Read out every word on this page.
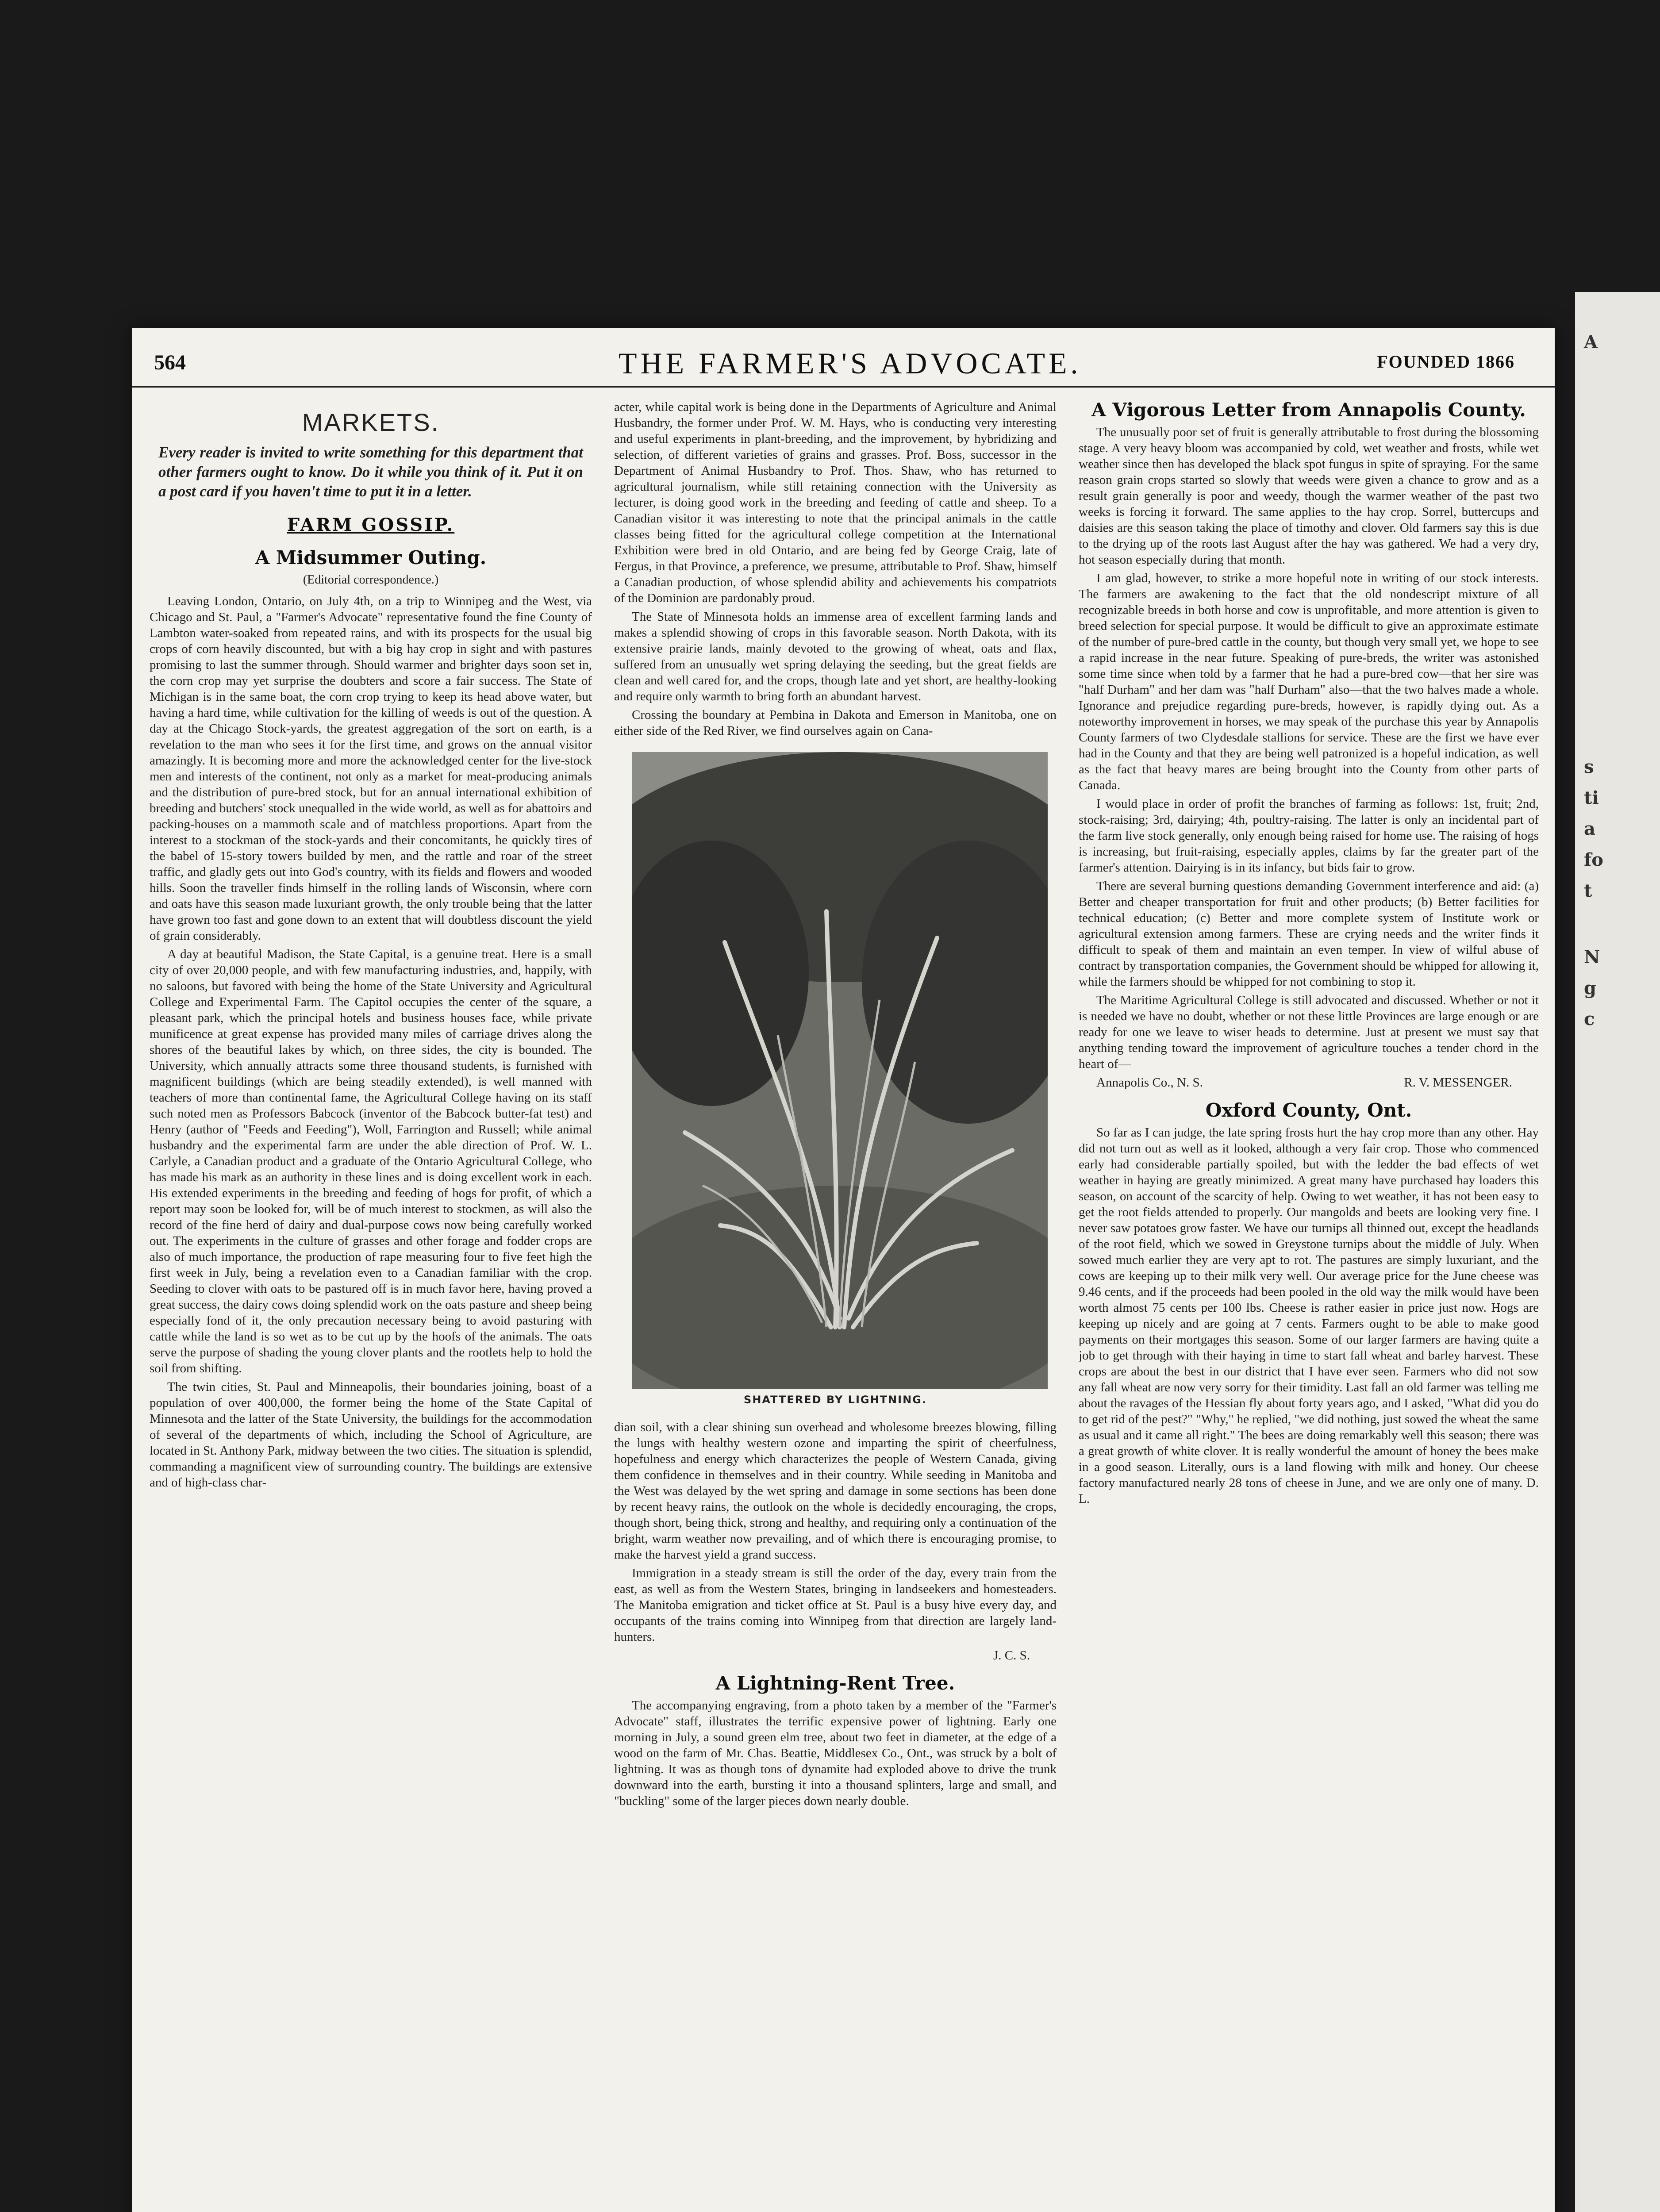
A
s
ti
a
fo
t
N
g
c
564	THE FARMER'S ADVOCATE.	FOUNDED 1866
MARKETS.
Every reader is invited to write something for this department that other farmers ought to know. Do it while you think of it. Put it on a post card if you haven't time to put it in a letter.
FARM GOSSIP.
A Midsummer Outing.
(Editorial correspondence.)

Leaving London, Ontario, on July 4th, on a trip to Winnipeg and the West, via Chicago and St. Paul, a "Farmer's Advocate" representative found the fine County of Lambton water-soaked from repeated rains, and with its prospects for the usual big crops of corn heavily discounted, but with a big hay crop in sight and with pastures promising to last the summer through. Should warmer and brighter days soon set in, the corn crop may yet surprise the doubters and score a fair success. The State of Michigan is in the same boat, the corn crop trying to keep its head above water, but having a hard time, while cultivation for the killing of weeds is out of the question. A day at the Chicago Stock-yards, the greatest aggregation of the sort on earth, is a revelation to the man who sees it for the first time, and grows on the annual visitor amazingly. It is becoming more and more the acknowledged center for the live-stock men and interests of the continent, not only as a market for meat-producing animals and the distribution of pure-bred stock, but for an annual international exhibition of breeding and butchers' stock unequalled in the wide world, as well as for abattoirs and packing-houses on a mammoth scale and of matchless proportions. Apart from the interest to a stockman of the stock-yards and their concomitants, he quickly tires of the babel of 15-story towers builded by men, and the rattle and roar of the street traffic, and gladly gets out into God's country, with its fields and flowers and wooded hills. Soon the traveller finds himself in the rolling lands of Wisconsin, where corn and oats have this season made luxuriant growth, the only trouble being that the latter have grown too fast and gone down to an extent that will doubtless discount the yield of grain considerably.

A day at beautiful Madison, the State Capital, is a genuine treat. Here is a small city of over 20,000 people, and with few manufacturing industries, and, happily, with no saloons, but favored with being the home of the State University and Agricultural College and Experimental Farm. The Capitol occupies the center of the square, a pleasant park, which the principal hotels and business houses face, while private munificence at great expense has provided many miles of carriage drives along the shores of the beautiful lakes by which, on three sides, the city is bounded. The University, which annually attracts some three thousand students, is furnished with magnificent buildings (which are being steadily extended), is well manned with teachers of more than continental fame, the Agricultural College having on its staff such noted men as Professors Babcock (inventor of the Babcock butter-fat test) and Henry (author of "Feeds and Feeding"), Woll, Farrington and Russell; while animal husbandry and the experimental farm are under the able direction of Prof. W. L. Carlyle, a Canadian product and a graduate of the Ontario Agricultural College, who has made his mark as an authority in these lines and is doing excellent work in each. His extended experiments in the breeding and feeding of hogs for profit, of which a report may soon be looked for, will be of much interest to stockmen, as will also the record of the fine herd of dairy and dual-purpose cows now being carefully worked out. The experiments in the culture of grasses and other forage and fodder crops are also of much importance, the production of rape measuring four to five feet high the first week in July, being a revelation even to a Canadian familiar with the crop. Seeding to clover with oats to be pastured off is in much favor here, having proved a great success, the dairy cows doing splendid work on the oats pasture and sheep being especially fond of it, the only precaution necessary being to avoid pasturing with cattle while the land is so wet as to be cut up by the hoofs of the animals. The oats serve the purpose of shading the young clover plants and the rootlets help to hold the soil from shifting.

The twin cities, St. Paul and Minneapolis, their boundaries joining, boast of a population of over 400,000, the former being the home of the State Capital of Minnesota and the latter of the State University, the buildings for the accommodation of several of the departments of which, including the School of Agriculture, are located in St. Anthony Park, midway between the two cities. The situation is splendid, commanding a magnificent view of surrounding country. The buildings are extensive and of high-class char-

acter, while capital work is being done in the Departments of Agriculture and Animal Husbandry, the former under Prof. W. M. Hays, who is conducting very interesting and useful experiments in plant-breeding, and the improvement, by hybridizing and selection, of different varieties of grains and grasses. Prof. Boss, successor in the Department of Animal Husbandry to Prof. Thos. Shaw, who has returned to agricultural journalism, while still retaining connection with the University as lecturer, is doing good work in the breeding and feeding of cattle and sheep. To a Canadian visitor it was interesting to note that the principal animals in the cattle classes being fitted for the agricultural college competition at the International Exhibition were bred in old Ontario, and are being fed by George Craig, late of Fergus, in that Province, a preference, we presume, attributable to Prof. Shaw, himself a Canadian production, of whose splendid ability and achievements his compatriots of the Dominion are pardonably proud.

The State of Minnesota holds an immense area of excellent farming lands and makes a splendid showing of crops in this favorable season. North Dakota, with its extensive prairie lands, mainly devoted to the growing of wheat, oats and flax, suffered from an unusually wet spring delaying the seeding, but the great fields are clean and well cared for, and the crops, though late and yet short, are healthy-looking and require only warmth to bring forth an abundant harvest.

Crossing the boundary at Pembina in Dakota and Emerson in Manitoba, one on either side of the Red River, we find ourselves again on Cana-

SHATTERED BY LIGHTNING.

dian soil, with a clear shining sun overhead and wholesome breezes blowing, filling the lungs with healthy western ozone and imparting the spirit of cheerfulness, hopefulness and energy which characterizes the people of Western Canada, giving them confidence in themselves and in their country. While seeding in Manitoba and the West was delayed by the wet spring and damage in some sections has been done by recent heavy rains, the outlook on the whole is decidedly encouraging, the crops, though short, being thick, strong and healthy, and requiring only a continuation of the bright, warm weather now prevailing, and of which there is encouraging promise, to make the harvest yield a grand success.

Immigration in a steady stream is still the order of the day, every train from the east, as well as from the Western States, bringing in landseekers and homesteaders. The Manitoba emigration and ticket office at St. Paul is a busy hive every day, and occupants of the trains coming into Winnipeg from that direction are largely land-hunters.

J. C. S.
A Lightning-Rent Tree.

The accompanying engraving, from a photo taken by a member of the "Farmer's Advocate" staff, illustrates the terrific expensive power of lightning. Early one morning in July, a sound green elm tree, about two feet in diameter, at the edge of a wood on the farm of Mr. Chas. Beattie, Middlesex Co., Ont., was struck by a bolt of lightning. It was as though tons of dynamite had exploded above to drive the trunk downward into the earth, bursting it into a thousand splinters, large and small, and "buckling" some of the larger pieces down nearly double.

A Vigorous Letter from Annapolis County.

The unusually poor set of fruit is generally attributable to frost during the blossoming stage. A very heavy bloom was accompanied by cold, wet weather and frosts, while wet weather since then has developed the black spot fungus in spite of spraying. For the same reason grain crops started so slowly that weeds were given a chance to grow and as a result grain generally is poor and weedy, though the warmer weather of the past two weeks is forcing it forward. The same applies to the hay crop. Sorrel, buttercups and daisies are this season taking the place of timothy and clover. Old farmers say this is due to the drying up of the roots last August after the hay was gathered. We had a very dry, hot season especially during that month.

I am glad, however, to strike a more hopeful note in writing of our stock interests. The farmers are awakening to the fact that the old nondescript mixture of all recognizable breeds in both horse and cow is unprofitable, and more attention is given to breed selection for special purpose. It would be difficult to give an approximate estimate of the number of pure-bred cattle in the county, but though very small yet, we hope to see a rapid increase in the near future. Speaking of pure-breds, the writer was astonished some time since when told by a farmer that he had a pure-bred cow—that her sire was "half Durham" and her dam was "half Durham" also—that the two halves made a whole. Ignorance and prejudice regarding pure-breds, however, is rapidly dying out. As a noteworthy improvement in horses, we may speak of the purchase this year by Annapolis County farmers of two Clydesdale stallions for service. These are the first we have ever had in the County and that they are being well patronized is a hopeful indication, as well as the fact that heavy mares are being brought into the County from other parts of Canada.

I would place in order of profit the branches of farming as follows: 1st, fruit; 2nd, stock-raising; 3rd, dairying; 4th, poultry-raising. The latter is only an incidental part of the farm live stock generally, only enough being raised for home use. The raising of hogs is increasing, but fruit-raising, especially apples, claims by far the greater part of the farmer's attention. Dairying is in its infancy, but bids fair to grow.

There are several burning questions demanding Government interference and aid: (a) Better and cheaper transportation for fruit and other products; (b) Better facilities for technical education; (c) Better and more complete system of Institute work or agricultural extension among farmers. These are crying needs and the writer finds it difficult to speak of them and maintain an even temper. In view of wilful abuse of contract by transportation companies, the Government should be whipped for allowing it, while the farmers should be whipped for not combining to stop it.

The Maritime Agricultural College is still advocated and discussed. Whether or not it is needed we have no doubt, whether or not these little Provinces are large enough or are ready for one we leave to wiser heads to determine. Just at present we must say that anything tending toward the improvement of agriculture touches a tender chord in the heart of—

Annapolis Co., N. S.	R. V. MESSENGER.
Oxford County, Ont.

So far as I can judge, the late spring frosts hurt the hay crop more than any other. Hay did not turn out as well as it looked, although a very fair crop. Those who commenced early had considerable partially spoiled, but with the ledder the bad effects of wet weather in haying are greatly minimized. A great many have purchased hay loaders this season, on account of the scarcity of help. Owing to wet weather, it has not been easy to get the root fields attended to properly. Our mangolds and beets are looking very fine. I never saw potatoes grow faster. We have our turnips all thinned out, except the headlands of the root field, which we sowed in Greystone turnips about the middle of July. When sowed much earlier they are very apt to rot. The pastures are simply luxuriant, and the cows are keeping up to their milk very well. Our average price for the June cheese was 9.46 cents, and if the proceeds had been pooled in the old way the milk would have been worth almost 75 cents per 100 lbs. Cheese is rather easier in price just now. Hogs are keeping up nicely and are going at 7 cents. Farmers ought to be able to make good payments on their mortgages this season. Some of our larger farmers are having quite a job to get through with their haying in time to start fall wheat and barley harvest. These crops are about the best in our district that I have ever seen. Farmers who did not sow any fall wheat are now very sorry for their timidity. Last fall an old farmer was telling me about the ravages of the Hessian fly about forty years ago, and I asked, "What did you do to get rid of the pest?" "Why," he replied, "we did nothing, just sowed the wheat the same as usual and it came all right." The bees are doing remarkably well this season; there was a great growth of white clover. It is really wonderful the amount of honey the bees make in a good season. Literally, ours is a land flowing with milk and honey. Our cheese factory manufactured nearly 28 tons of cheese in June, and we are only one of many. D. L.
